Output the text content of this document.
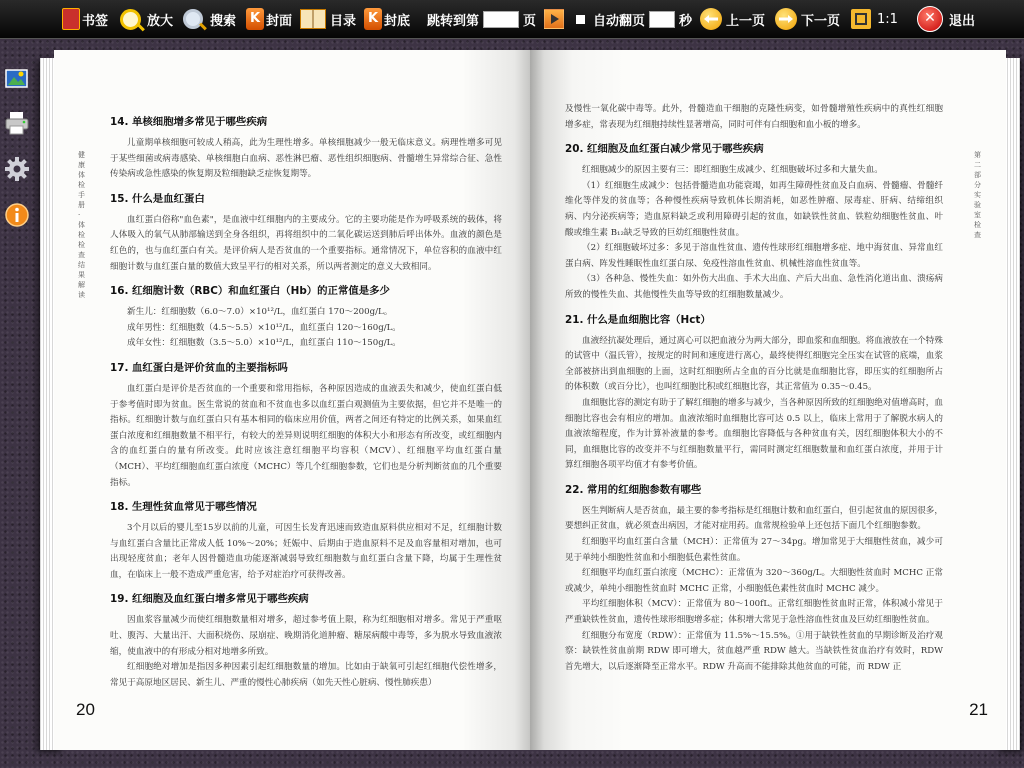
书签	放大	搜索	K 封面	目录 K 封底 跳转到第	页	自动翻页	秒	上一页	下一页	1:1	✕	退出
健康体检手册·体检检查结果解读
14. 单核细胞增多常见于哪些疾病

儿童期单核细胞可较成人稍高，此为生理性增多。单核细胞减少一般无临床意义。病理性增多可见于某些细菌或病毒感染、单核细胞白血病、恶性淋巴瘤、恶性组织细胞病、骨髓增生异常综合征、急性传染病或急性感染的恢复期及粒细胞缺乏症恢复期等。

15. 什么是血红蛋白

血红蛋白俗称"血色素"，是血液中红细胞内的主要成分。它的主要功能是作为呼吸系统的载体，将人体吸入的氧气从肺部输送到全身各组织，再将组织中的二氧化碳运送到肺后呼出体外。血液的颜色是红色的，也与血红蛋白有关。是评价病人是否贫血的一个重要指标。通常情况下，单位容积的血液中红细胞计数与血红蛋白量的数值大致呈平行的相对关系，所以两者测定的意义大致相同。

16. 红细胞计数（RBC）和血红蛋白（Hb）的正常值是多少

新生儿：红细胞数（6.0～7.0）×10¹²/L，血红蛋白 170～200g/L。

成年男性：红细胞数（4.5～5.5）×10¹²/L，血红蛋白 120～160g/L。

成年女性：红细胞数（3.5～5.0）×10¹²/L，血红蛋白 110～150g/L。

17. 血红蛋白是评价贫血的主要指标吗

血红蛋白是评价是否贫血的一个重要和常用指标，各种原因造成的血液丢失和减少，使血红蛋白低于参考值时即为贫血。医生常说的贫血和不贫血也多以血红蛋白观测值为主要依据，但它并不是唯一的指标。红细胞计数与血红蛋白只有基本相同的临床应用价值，两者之间还有特定的比例关系，如果血红蛋白浓度和红细胞数量不相平行，有较大的差异则说明红细胞的体积大小和形态有所改变，或红细胞内含的血红蛋白的量有所改变。此时应该注意红细胞平均容积（MCV）、红细胞平均血红蛋白量（MCH）、平均红细胞血红蛋白浓度（MCHC）等几个红细胞参数，它们也是分析判断贫血的几个重要指标。

18. 生理性贫血常见于哪些情况

3个月以后的婴儿至15岁以前的儿童，可因生长发育迅速而致造血原料供应相对不足，红细胞计数与血红蛋白含量比正常成人低 10%～20%；妊娠中、后期由于造血原料不足及血容量相对增加，也可出现轻度贫血；老年人因骨髓造血功能逐渐减弱导致红细胞数与血红蛋白含量下降，均属于生理性贫血，在临床上一般不造成严重危害，给予对症治疗可获得改善。

19. 红细胞及血红蛋白增多常见于哪些疾病

因血浆容量减少而使红细胞数量相对增多，超过参考值上限，称为红细胞相对增多。常见于严重呕吐、腹泻、大量出汗、大面积烧伤、尿崩症、晚期消化道肿瘤、糖尿病酸中毒等，多为脱水导致血液浓缩，使血液中的有形成分相对地增多所致。

红细胞绝对增加是指因多种因素引起红细胞数量的增加。比如由于缺氧可引起红细胞代偿性增多，常见于高原地区居民、新生儿、严重的慢性心肺疾病（如先天性心脏病、慢性肺疾患）

20
第二部分　实验室检查

及慢性一氧化碳中毒等。此外，骨髓造血干细胞的克隆性病变，如骨髓增殖性疾病中的真性红细胞增多症，常表现为红细胞持续性显著增高，同时可伴有白细胞和血小板的增多。

20. 红细胞及血红蛋白减少常见于哪些疾病

红细胞减少的原因主要有三：即红细胞生成减少、红细胞破坏过多和大量失血。

（1）红细胞生成减少：包括骨髓造血功能衰竭，如再生障碍性贫血及白血病、骨髓瘤、骨髓纤维化等伴发的贫血等；各种慢性疾病导致机体长期消耗，如恶性肿瘤、尿毒症、肝病、结缔组织病、内分泌疾病等；造血原料缺乏或利用障碍引起的贫血，如缺铁性贫血、铁粒幼细胞性贫血、叶酸或维生素 B₁₂缺乏导致的巨幼红细胞性贫血。

（2）红细胞破坏过多：多见于溶血性贫血、遗传性球形红细胞增多症、地中海贫血、异常血红蛋白病、阵发性睡眠性血红蛋白尿、免疫性溶血性贫血、机械性溶血性贫血等。

（3）各种急、慢性失血：如外伤大出血、手术大出血、产后大出血、急性消化道出血、溃疡病所致的慢性失血、其他慢性失血等导致的红细胞数量减少。

21. 什么是血细胞比容（Hct）

血液经抗凝处理后，通过离心可以把血液分为两大部分，即血浆和血细胞。将血液放在一个特殊的试管中（温氏管），按规定的时间和速度进行离心，最终使得红细胞完全压实在试管的底端，血浆全部被挤出到血细胞的上面，这时红细胞所占全血的百分比就是血细胞比容，即压实的红细胞所占的体积数（或百分比），也叫红细胞比积或红细胞比容，其正常值为 0.35～0.45。

血细胞比容的测定有助于了解红细胞的增多与减少，当各种原因所致的红细胞绝对值增高时，血细胞比容也会有相应的增加。血液浓缩时血细胞比容可达 0.5 以上，临床上常用于了解脱水病人的血液浓缩程度，作为计算补液量的参考。血细胞比容降低与各种贫血有关，因红细胞体积大小的不同，血细胞比容的改变并不与红细胞数量平行，需同时测定红细胞数量和血红蛋白浓度，并用于计算红细胞各项平均值才有参考价值。

22. 常用的红细胞参数有哪些

医生判断病人是否贫血，最主要的参考指标是红细胞计数和血红蛋白，但引起贫血的原因很多，要想纠正贫血，就必须查出病因，才能对症用药。血常规检验单上还包括下面几个红细胞参数。

红细胞平均血红蛋白含量（MCH）：正常值为 27～34pg。增加常见于大细胞性贫血，减少可见于单纯小细胞性贫血和小细胞低色素性贫血。

红细胞平均血红蛋白浓度（MCHC）：正常值为 320～360g/L。大细胞性贫血时 MCHC 正常或减少，单纯小细胞性贫血时 MCHC 正常，小细胞低色素性贫血时 MCHC 减少。

平均红细胞体积（MCV）：正常值为 80～100fL。正常红细胞性贫血时正常，体积减小常见于严重缺铁性贫血，遗传性球形细胞增多症；体积增大常见于急性溶血性贫血及巨幼红细胞性贫血。

红细胞分布宽度（RDW）：正常值为 11.5%～15.5%。①用于缺铁性贫血的早期诊断及治疗观察：缺铁性贫血前期 RDW 即可增大，贫血越严重 RDW 越大。当缺铁性贫血治疗有效时，RDW 首先增大，以后逐渐降至正常水平。RDW 升高而不能排除其他贫血的可能，而 RDW 正

21
